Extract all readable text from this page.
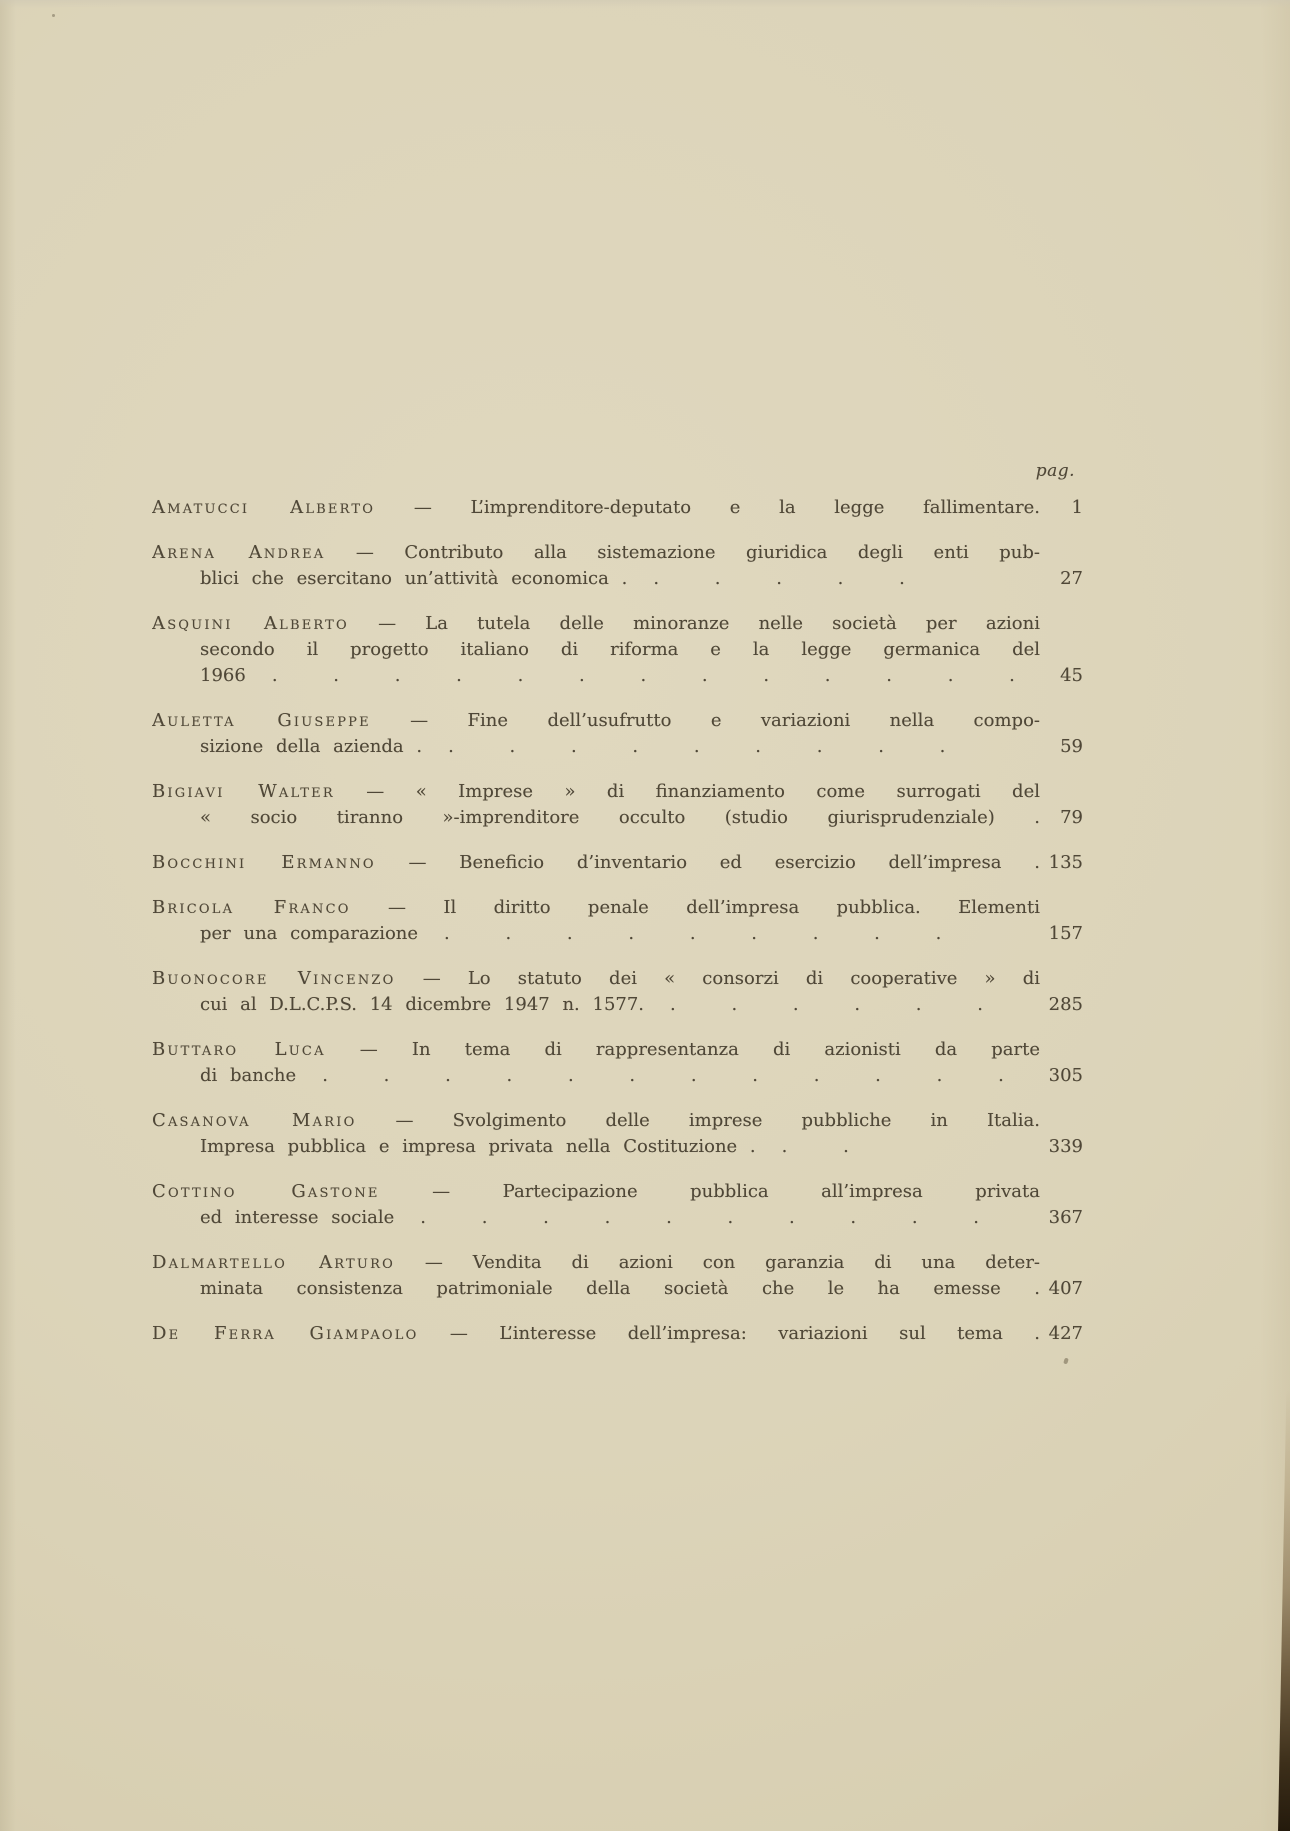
pag.
Amatucci Alberto — L’imprenditore-deputato e la legge fallimentare. 1
Arena Andrea — Contributo alla sistemazione giuridica degli enti pub-
blici che esercitano un’attività economica . . . . . .	27
Asquini Alberto — La tutela delle minoranze nelle società per azioni
secondo il progetto italiano di riforma e la legge germanica del
1966 . . . . . . . . . . . . .	45
Auletta Giuseppe — Fine dell’usufrutto e variazioni nella compo-
sizione della azienda . . . . . . . . . .	59
Bigiavi Walter — « Imprese » di finanziamento come surrogati del
« socio tiranno »-imprenditore occulto (studio giurisprudenziale) . 79
Bocchini Ermanno — Beneficio d’inventario ed esercizio dell’impresa . 135
Bricola Franco — Il diritto penale dell’impresa pubblica. Elementi
per una comparazione . . . . . . . . .	157
Buonocore Vincenzo — Lo statuto dei « consorzi di cooperative » di
cui al D.L.C.P.S. 14 dicembre 1947 n. 1577. . . . . . .	285
Buttaro Luca — In tema di rappresentanza di azionisti da parte
di banche . . . . . . . . . . . .	305
Casanova Mario — Svolgimento delle imprese pubbliche in Italia.
Impresa pubblica e impresa privata nella Costituzione . . .	339
Cottino Gastone	— Partecipazione pubblica all’impresa privata
ed interesse sociale . . . . . . . . . .	367
Dalmartello Arturo — Vendita di azioni con garanzia di una deter-
minata consistenza patrimoniale della società che le ha emesse . 407
De Ferra Giampaolo — L’interesse dell’impresa: variazioni sul tema . 427
